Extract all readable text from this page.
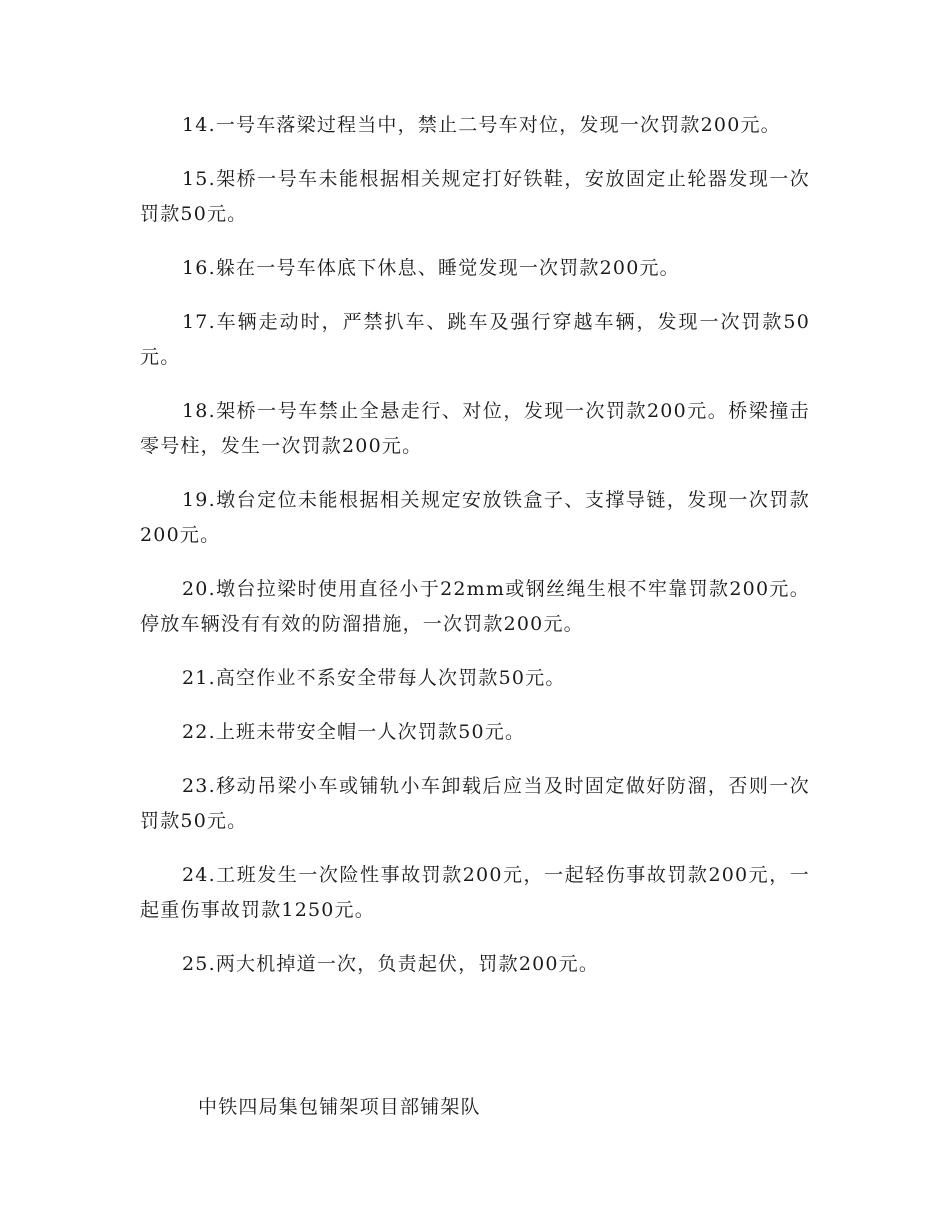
14.一号车落梁过程当中，禁止二号车对位，发现一次罚款200元。

15.架桥一号车未能根据相关规定打好铁鞋，安放固定止轮器发现一次罚款50元。

16.躲在一号车体底下休息、睡觉发现一次罚款200元。

17.车辆走动时，严禁扒车、跳车及强行穿越车辆，发现一次罚款50元。

18.架桥一号车禁止全悬走行、对位，发现一次罚款200元。桥梁撞击零号柱，发生一次罚款200元。

19.墩台定位未能根据相关规定安放铁盒子、支撑导链，发现一次罚款200元。

20.墩台拉梁时使用直径小于22mm或钢丝绳生根不牢靠罚款200元。停放车辆没有有效的防溜措施，一次罚款200元。

21.高空作业不系安全带每人次罚款50元。

22.上班未带安全帽一人次罚款50元。

23.移动吊梁小车或铺轨小车卸载后应当及时固定做好防溜，否则一次罚款50元。

24.工班发生一次险性事故罚款200元，一起轻伤事故罚款200元，一起重伤事故罚款1250元。

25.两大机掉道一次，负责起伏，罚款200元。

中铁四局集包铺架项目部铺架队
